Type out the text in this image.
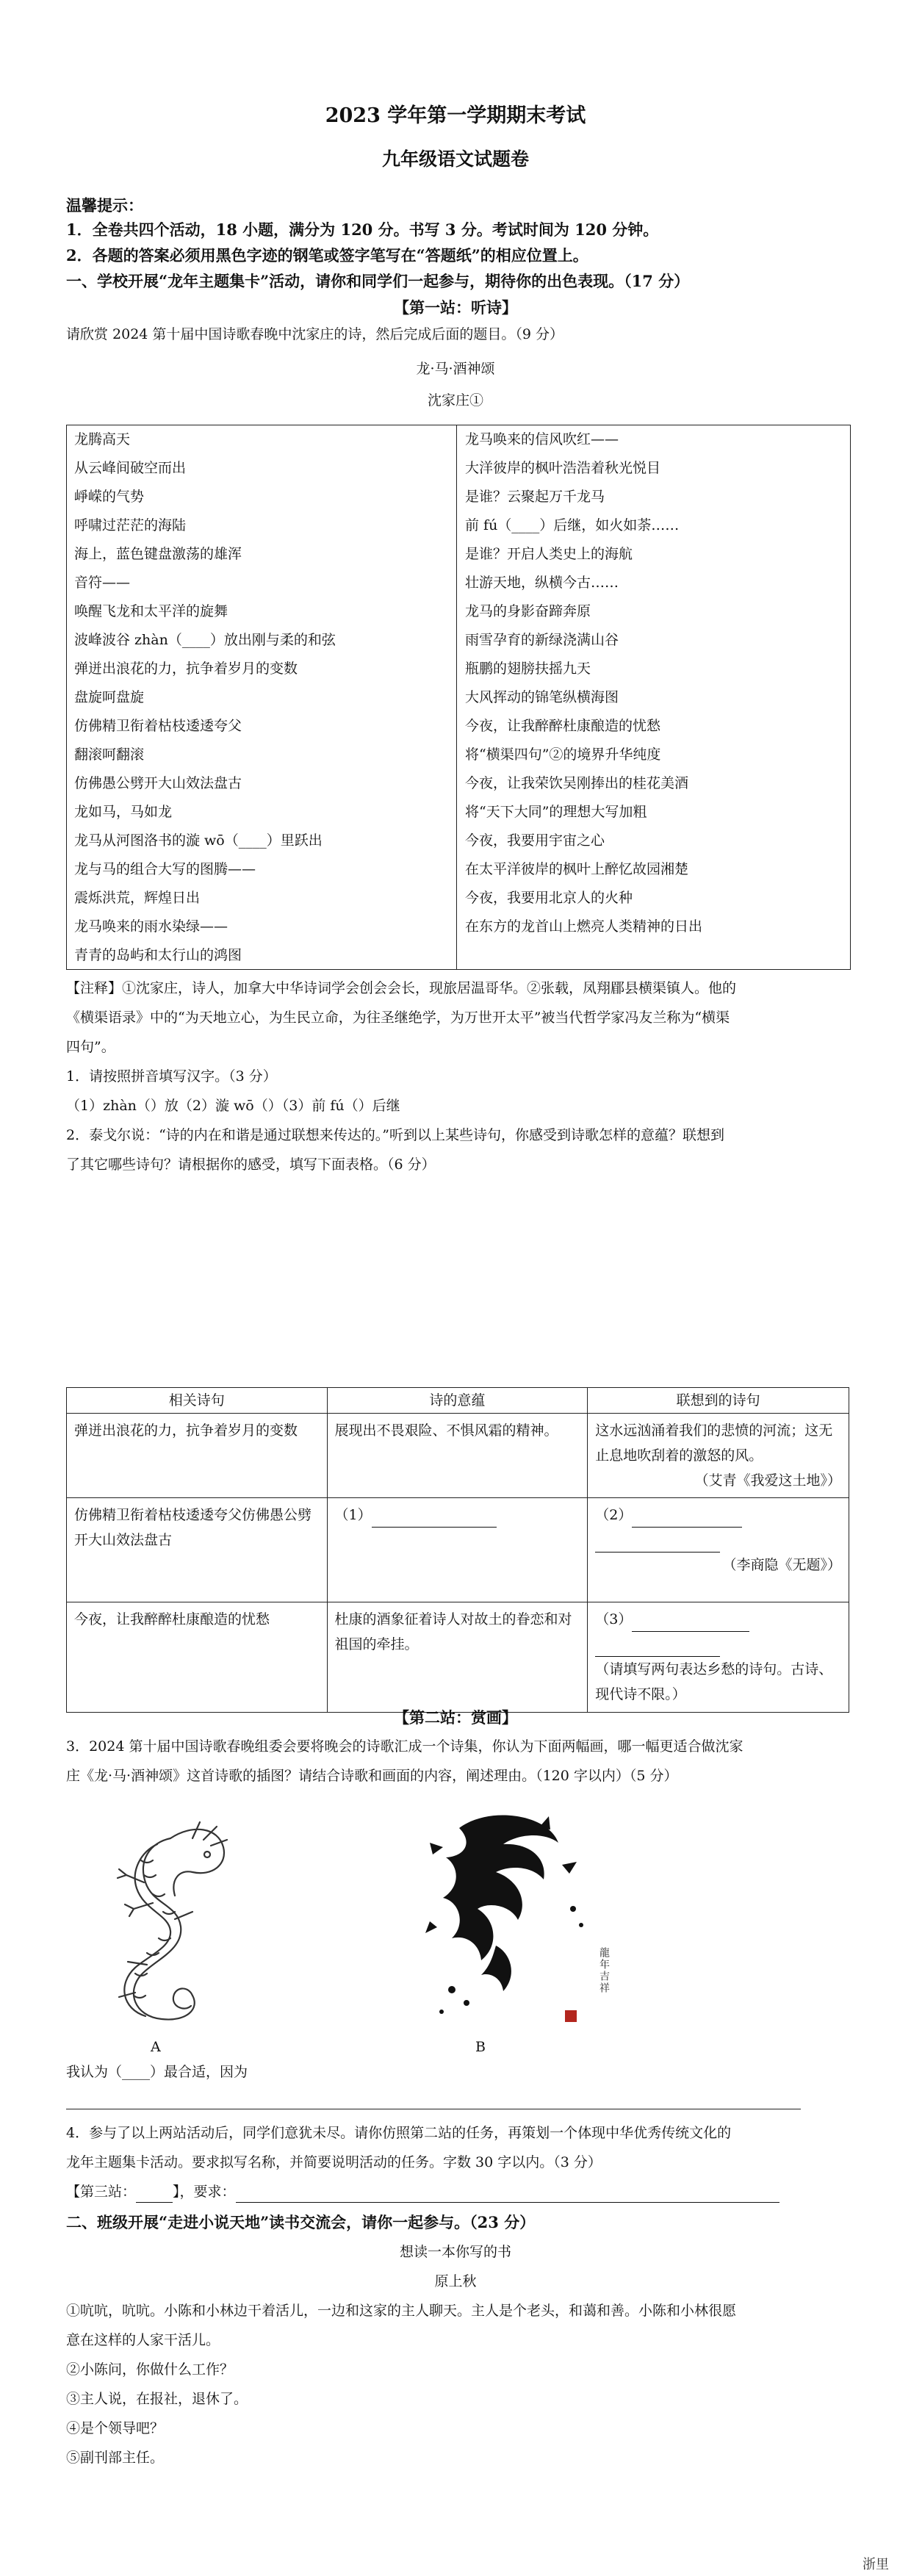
2023 学年第一学期期末考试
九年级语文试题卷
温馨提示：
1．全卷共四个活动，18 小题，满分为 120 分。书写 3 分。考试时间为 120 分钟。
2．各题的答案必须用黑色字迹的钢笔或签字笔写在“答题纸”的相应位置上。
一、学校开展“龙年主题集卡”活动，请你和同学们一起参与，期待你的出色表现。（17 分）
【第一站：听诗】
请欣赏 2024 第十届中国诗歌春晚中沈家庄的诗，然后完成后面的题目。（9 分）
龙·马·酒神颂
沈家庄①
龙腾高天
从云峰间破空而出
崢嵘的气势
呼啸过茫茫的海陆
海上，蓝色键盘激荡的雄浑
音符——
唤醒飞龙和太平洋的旋舞
波峰波谷 zhàn（____）放出刚与柔的和弦
弹迸出浪花的力，抗争着岁月的变数
盘旋呵盘旋
仿佛精卫衔着枯枝逶逶夸父
翻滚呵翻滚
仿佛愚公劈开大山效法盘古
龙如马，马如龙
龙马从河图洛书的漩 wō（____）里跃出
龙与马的组合大写的图腾——
震烁洪荒，辉煌日出
龙马唤来的雨水染绿——
青青的岛屿和太行山的鸿图
龙马唤来的信风吹红——
大洋彼岸的枫叶浩浩着秋光悦目
是谁？云聚起万千龙马
前 fú（____）后继，如火如荼……
是谁？开启人类史上的海航
壮游天地，纵横今古……
龙马的身影奋蹄奔原
雨雪孕育的新绿浇满山谷
瓶鹏的翅膀扶摇九天
大风挥动的锦笔纵横海图
今夜，让我醉醉杜康酿造的忧愁
将“横渠四句”②的境界升华纯度
今夜，让我荣饮吴刚捧出的桂花美酒
将“天下大同”的理想大写加粗
今夜，我要用宇宙之心
在太平洋彼岸的枫叶上醉忆故园湘楚
今夜，我要用北京人的火种
在东方的龙首山上燃亮人类精神的日出
【注释】①沈家庄，诗人，加拿大中华诗词学会创会会长，现旅居温哥华。②张载，凤翔郿县横渠镇人。他的
《横渠语录》中的“为天地立心，为生民立命，为往圣继绝学，为万世开太平”被当代哲学家冯友兰称为“横渠
四句”。
1．请按照拼音填写汉字。（3 分）
（1）zhàn（）放（2）漩 wō（）（3）前 fú（）后继
2．泰戈尔说：“诗的内在和谐是通过联想来传达的。”听到以上某些诗句，你感受到诗歌怎样的意蕴？联想到
了其它哪些诗句？请根据你的感受，填写下面表格。（6 分）
相关诗句	诗的意蕴	联想到的诗句
弹迸出浪花的力，抗争着岁月的变数	展现出不畏艰险、不惧风霜的精神。	这水远汹涌着我们的悲愤的河流；这无止息地吹刮着的激怒的风。
（艾青《我爱这土地》）

仿佛精卫衔着枯枝逶逶夸父仿佛愚公劈开大山效法盘古	（1）	（2）

（李商隐《无题》）

今夜，让我醉醉杜康酿造的忧愁	杜康的酒象征着诗人对故土的眷恋和对祖国的牵挂。	（3）

（请填写两句表达乡愁的诗句。古诗、现代诗不限。）
【第二站：赏画】
3．2024 第十届中国诗歌春晚组委会要将晚会的诗歌汇成一个诗集，你认为下面两幅画，哪一幅更适合做沈家
庄《龙·马·酒神颂》这首诗歌的插图？请结合诗歌和画面的内容，阐述理由。（120 字以内）（5 分）
A
龍年吉祥
B
我认为（____）最合适，因为
4．参与了以上两站活动后，同学们意犹未尽。请你仿照第二站的任务，再策划一个体现中华优秀传统文化的
龙年主题集卡活动。要求拟写名称，并简要说明活动的任务。字数 30 字以内。（3 分）
【第三站：	】，要求：
二、班级开展“走进小说天地”读书交流会，请你一起参与。（23 分）
想读一本你写的书
原上秋
①吭吭，吭吭。小陈和小林边干着活儿，一边和这家的主人聊天。主人是个老头，和蔼和善。小陈和小林很愿
意在这样的人家干活儿。
②小陈问，你做什么工作？
③主人说，在报社，退休了。
④是个领导吧？
⑤副刊部主任。
浙里
